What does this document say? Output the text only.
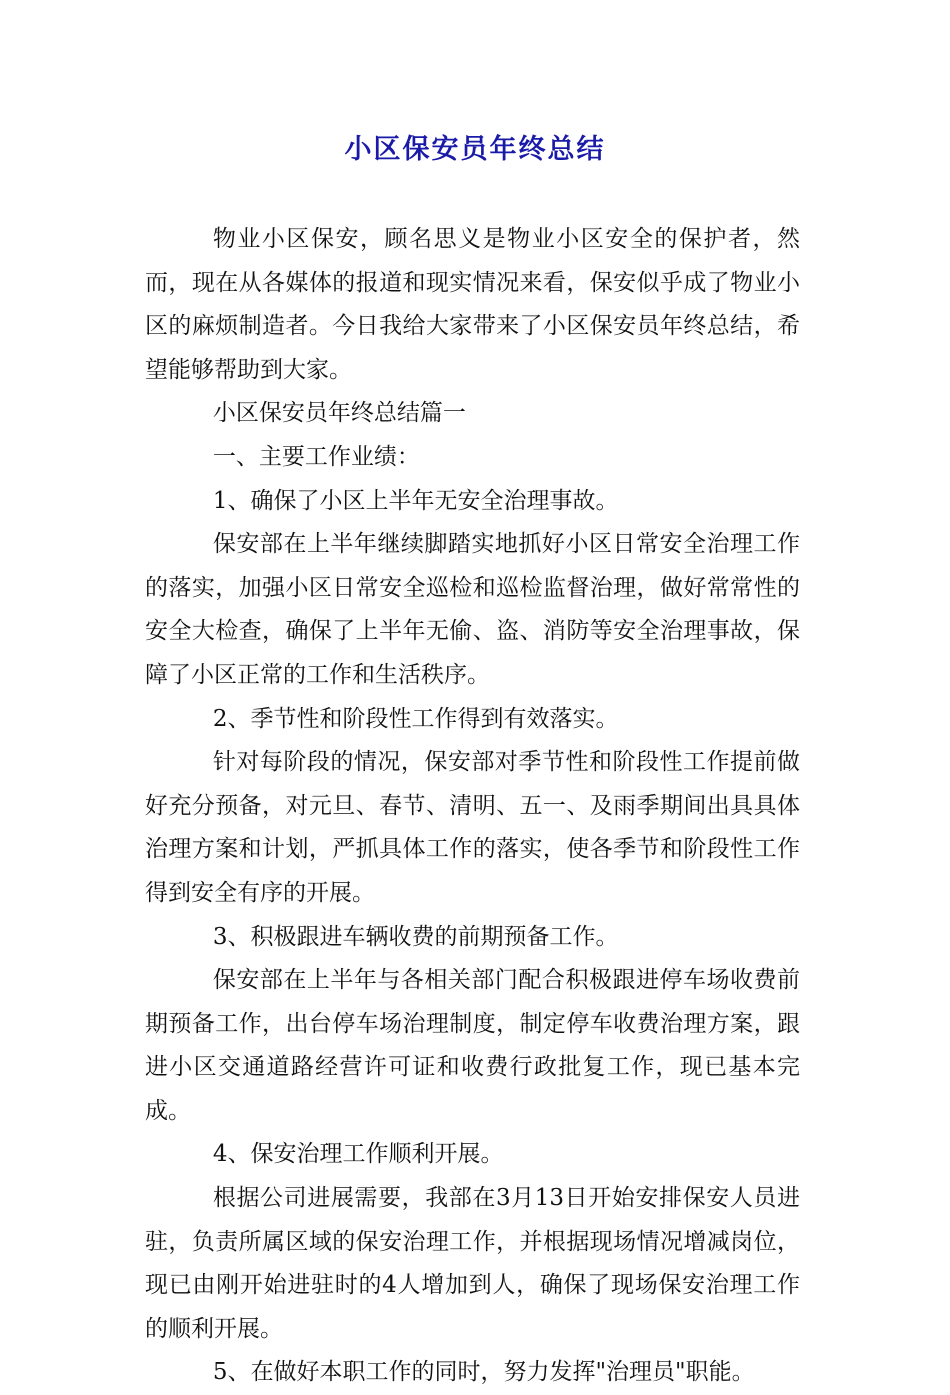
小区保安员年终总结

物业小区保安，顾名思义是物业小区安全的保护者，然而，现在从各媒体的报道和现实情况来看，保安似乎成了物业小区的麻烦制造者。今日我给大家带来了小区保安员年终总结，希望能够帮助到大家。

小区保安员年终总结篇一

一、主要工作业绩：

1、确保了小区上半年无安全治理事故。

保安部在上半年继续脚踏实地抓好小区日常安全治理工作的落实，加强小区日常安全巡检和巡检监督治理，做好常常性的安全大检查，确保了上半年无偷、盗、消防等安全治理事故，保障了小区正常的工作和生活秩序。

2、季节性和阶段性工作得到有效落实。

针对每阶段的情况，保安部对季节性和阶段性工作提前做好充分预备，对元旦、春节、清明、五一、及雨季期间出具具体治理方案和计划，严抓具体工作的落实，使各季节和阶段性工作得到安全有序的开展。

3、积极跟进车辆收费的前期预备工作。

保安部在上半年与各相关部门配合积极跟进停车场收费前期预备工作，出台停车场治理制度，制定停车收费治理方案，跟进小区交通道路经营许可证和收费行政批复工作，现已基本完成。

4、保安治理工作顺利开展。

根据公司进展需要，我部在3月13日开始安排保安人员进驻，负责所属区域的保安治理工作，并根据现场情况增减岗位，现已由刚开始进驻时的4人增加到人，确保了现场保安治理工作的顺利开展。

5、在做好本职工作的同时，努力发挥"治理员"职能。
